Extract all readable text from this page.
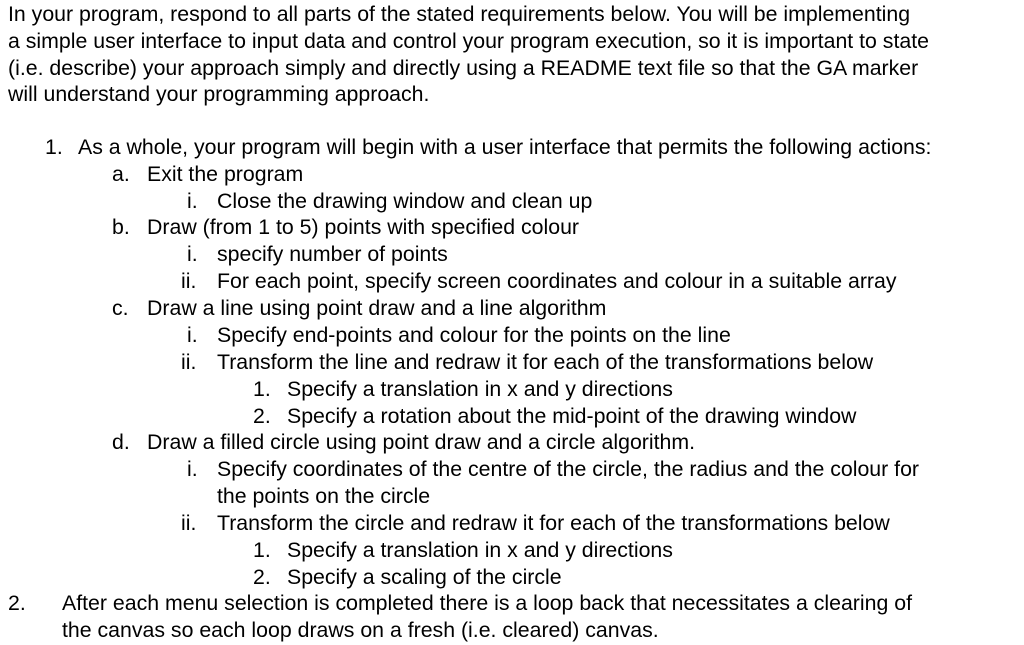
In your program, respond to all parts of the stated requirements below. You will be implementing
a simple user interface to input data and control your program execution, so it is important to state
(i.e. describe) your approach simply and directly using a README text file so that the GA marker
will understand your programming approach.
1. As a whole, your program will begin with a user interface that permits the following actions:
a. Exit the program
i. Close the drawing window and clean up
b. Draw (from 1 to 5) points with specified colour
i. specify number of points
ii. For each point, specify screen coordinates and colour in a suitable array
c. Draw a line using point draw and a line algorithm
i. Specify end-points and colour for the points on the line
ii. Transform the line and redraw it for each of the transformations below
1. Specify a translation in x and y directions
2. Specify a rotation about the mid-point of the drawing window
d. Draw a filled circle using point draw and a circle algorithm.
i. Specify coordinates of the centre of the circle, the radius and the colour for
the points on the circle
ii. Transform the circle and redraw it for each of the transformations below
1. Specify a translation in x and y directions
2. Specify a scaling of the circle
2. After each menu selection is completed there is a loop back that necessitates a clearing of
the canvas so each loop draws on a fresh (i.e. cleared) canvas.
